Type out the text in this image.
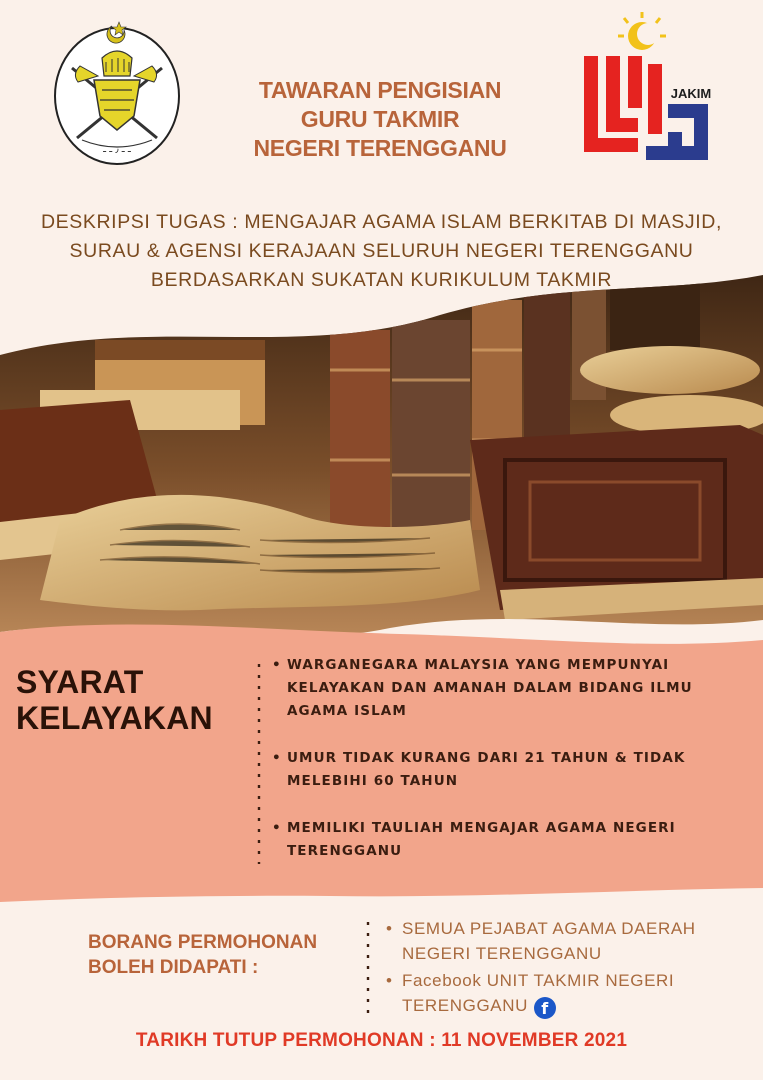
ـ ـ ٫ ـ ـ
TAWARAN PENGISIAN
GURU TAKMIR
NEGERI TERENGGANU
JAKIM
DESKRIPSI TUGAS : MENGAJAR AGAMA ISLAM BERKITAB DI MASJID,
SURAU & AGENSI KERAJAAN SELURUH NEGERI TERENGGANU
BERDASARKAN SUKATAN KURIKULUM TAKMIR
SYARAT
KELAYAKAN
• WARGANEGARA MALAYSIA YANG MEMPUNYAI KELAYAKAN DAN AMANAH DALAM BIDANG ILMU AGAMA ISLAM
• UMUR TIDAK KURANG DARI 21 TAHUN & TIDAK MELEBIHI 60 TAHUN
• MEMILIKI TAULIAH MENGAJAR AGAMA NEGERI TERENGGANU
BORANG PERMOHONAN
BOLEH DIDAPATI :
• SEMUA PEJABAT AGAMA DAERAH NEGERI TERENGGANU
• Facebook UNIT TAKMIR NEGERI TERENGGANU f
TARIKH TUTUP PERMOHONAN : 11 NOVEMBER 2021
